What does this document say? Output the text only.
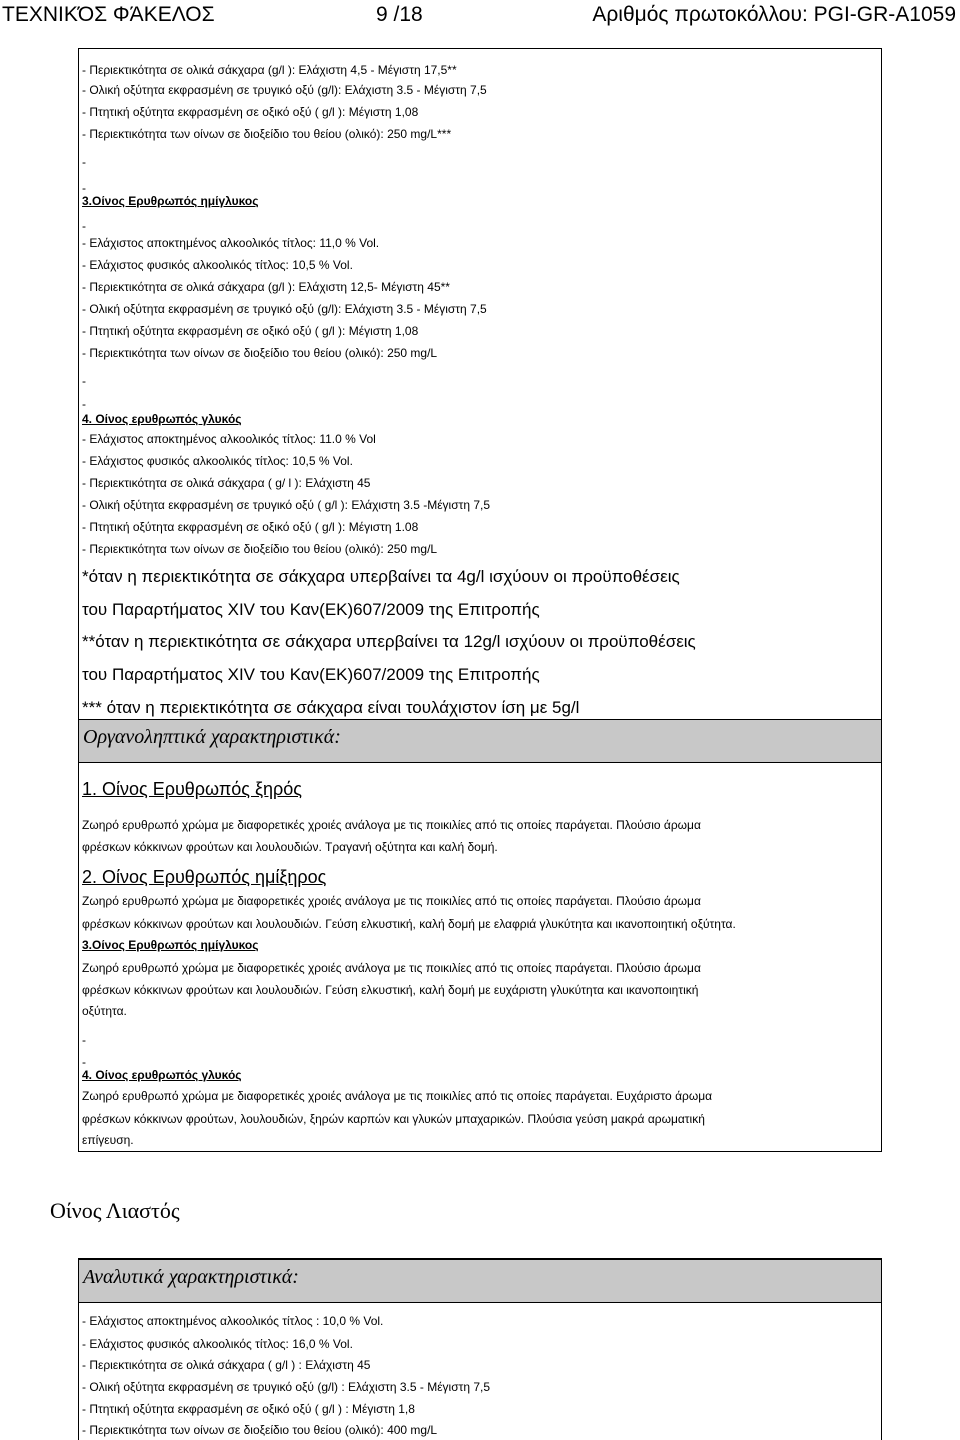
ΤΕΧΝΙΚΌΣ ΦΆΚΕΛΟΣ	9 /18	Αριθμός πρωτοκόλλου: PGI-GR-A1059
- Περιεκτικότητα σε ολικά σάκχαρα (g/l ): Ελάχιστη 4,5 - Μέγιστη 17,5**
- Ολική οξύτητα εκφρασμένη σε τρυγικό οξύ (g/l): Ελάχιστη 3.5 - Μέγιστη 7,5
- Πτητική οξύτητα εκφρασμένη σε οξικό οξύ ( g/l ): Μέγιστη 1,08
- Περιεκτικότητα των οίνων σε διοξείδιο του θείου (ολικό): 250 mg/L***
-
-
3.Οίνος Ερυθρωπός ημίγλυκος
-
- Ελάχιστος αποκτημένος αλκοολικός τίτλος: 11,0 % Vol.
- Ελάχιστος φυσικός αλκοολικός τίτλος: 10,5 % Vol.
- Περιεκτικότητα σε ολικά σάκχαρα (g/l ): Ελάχιστη 12,5- Μέγιστη 45**
- Ολική οξύτητα εκφρασμένη σε τρυγικό οξύ (g/l): Ελάχιστη 3.5 - Μέγιστη 7,5
- Πτητική οξύτητα εκφρασμένη σε οξικό οξύ ( g/l ): Μέγιστη 1,08
- Περιεκτικότητα των οίνων σε διοξείδιο του θείου (ολικό): 250 mg/L
-
-
4. Οίνος ερυθρωπός γλυκός
- Ελάχιστος αποκτημένος αλκοολικός τίτλος: 11.0 % Vol
- Ελάχιστος φυσικός αλκοολικός τίτλος: 10,5 % Vol.
- Περιεκτικότητα σε ολικά σάκχαρα ( g/ l ): Ελάχιστη 45
- Ολική οξύτητα εκφρασμένη σε τρυγικό οξύ ( g/l ): Ελάχιστη 3.5 -Μέγιστη 7,5
- Πτητική οξύτητα εκφρασμένη σε οξικό οξύ ( g/l ): Μέγιστη 1.08
- Περιεκτικότητα των οίνων σε διοξείδιο του θείου (ολικό): 250 mg/L
*όταν η περιεκτικότητα σε σάκχαρα υπερβαίνει τα 4g/l ισχύουν οι προϋποθέσεις
του Παραρτήματος XIV του Καν(ΕΚ)607/2009 της Επιτροπής
**όταν η περιεκτικότητα σε σάκχαρα υπερβαίνει τα 12g/l ισχύουν οι προϋποθέσεις
του Παραρτήματος XIV του Καν(ΕΚ)607/2009 της Επιτροπής
*** όταν η περιεκτικότητα σε σάκχαρα είναι τουλάχιστον ίση με 5g/l
Οργανοληπτικά χαρακτηριστικά:
1. Οίνος Ερυθρωπός ξηρός
Ζωηρό ερυθρωπό χρώμα με διαφορετικές χροιές ανάλογα με τις ποικιλίες από τις οποίες παράγεται. Πλούσιο άρωμα
φρέσκων κόκκινων φρούτων και λουλουδιών. Τραγανή οξύτητα και καλή δομή.
2. Οίνος Ερυθρωπός ημίξηρος
Ζωηρό ερυθρωπό χρώμα με διαφορετικές χροιές ανάλογα με τις ποικιλίες από τις οποίες παράγεται. Πλούσιο άρωμα
φρέσκων κόκκινων φρούτων και λουλουδιών. Γεύση ελκυστική, καλή δομή με ελαφριά γλυκύτητα και ικανοποιητική οξύτητα.
3.Οίνος Ερυθρωπός ημίγλυκος
Ζωηρό ερυθρωπό χρώμα με διαφορετικές χροιές ανάλογα με τις ποικιλίες από τις οποίες παράγεται. Πλούσιο άρωμα
φρέσκων κόκκινων φρούτων και λουλουδιών. Γεύση ελκυστική, καλή δομή με ευχάριστη γλυκύτητα και ικανοποιητική
οξύτητα.
-
-
4. Οίνος ερυθρωπός γλυκός
Ζωηρό ερυθρωπό χρώμα με διαφορετικές χροιές ανάλογα με τις ποικιλίες από τις οποίες παράγεται. Ευχάριστο άρωμα
φρέσκων κόκκινων φρούτων, λουλουδιών, ξηρών καρπών και γλυκών μπαχαρικών. Πλούσια γεύση μακρά αρωματική
επίγευση.
Οίνος Λιαστός
Αναλυτικά χαρακτηριστικά:
- Ελάχιστος αποκτημένος αλκοολικός τίτλος : 10,0 % Vol.
- Ελάχιστος φυσικός αλκοολικός τίτλος: 16,0 % Vol.
- Περιεκτικότητα σε ολικά σάκχαρα ( g/l ) : Ελάχιστη 45
- Ολική οξύτητα εκφρασμένη σε τρυγικό οξύ (g/l) : Ελάχιστη 3.5 - Μέγιστη 7,5
- Πτητική οξύτητα εκφρασμένη σε οξικό οξύ ( g/l ) : Μέγιστη 1,8
- Περιεκτικότητα των οίνων σε διοξείδιο του θείου (ολικό): 400 mg/L
